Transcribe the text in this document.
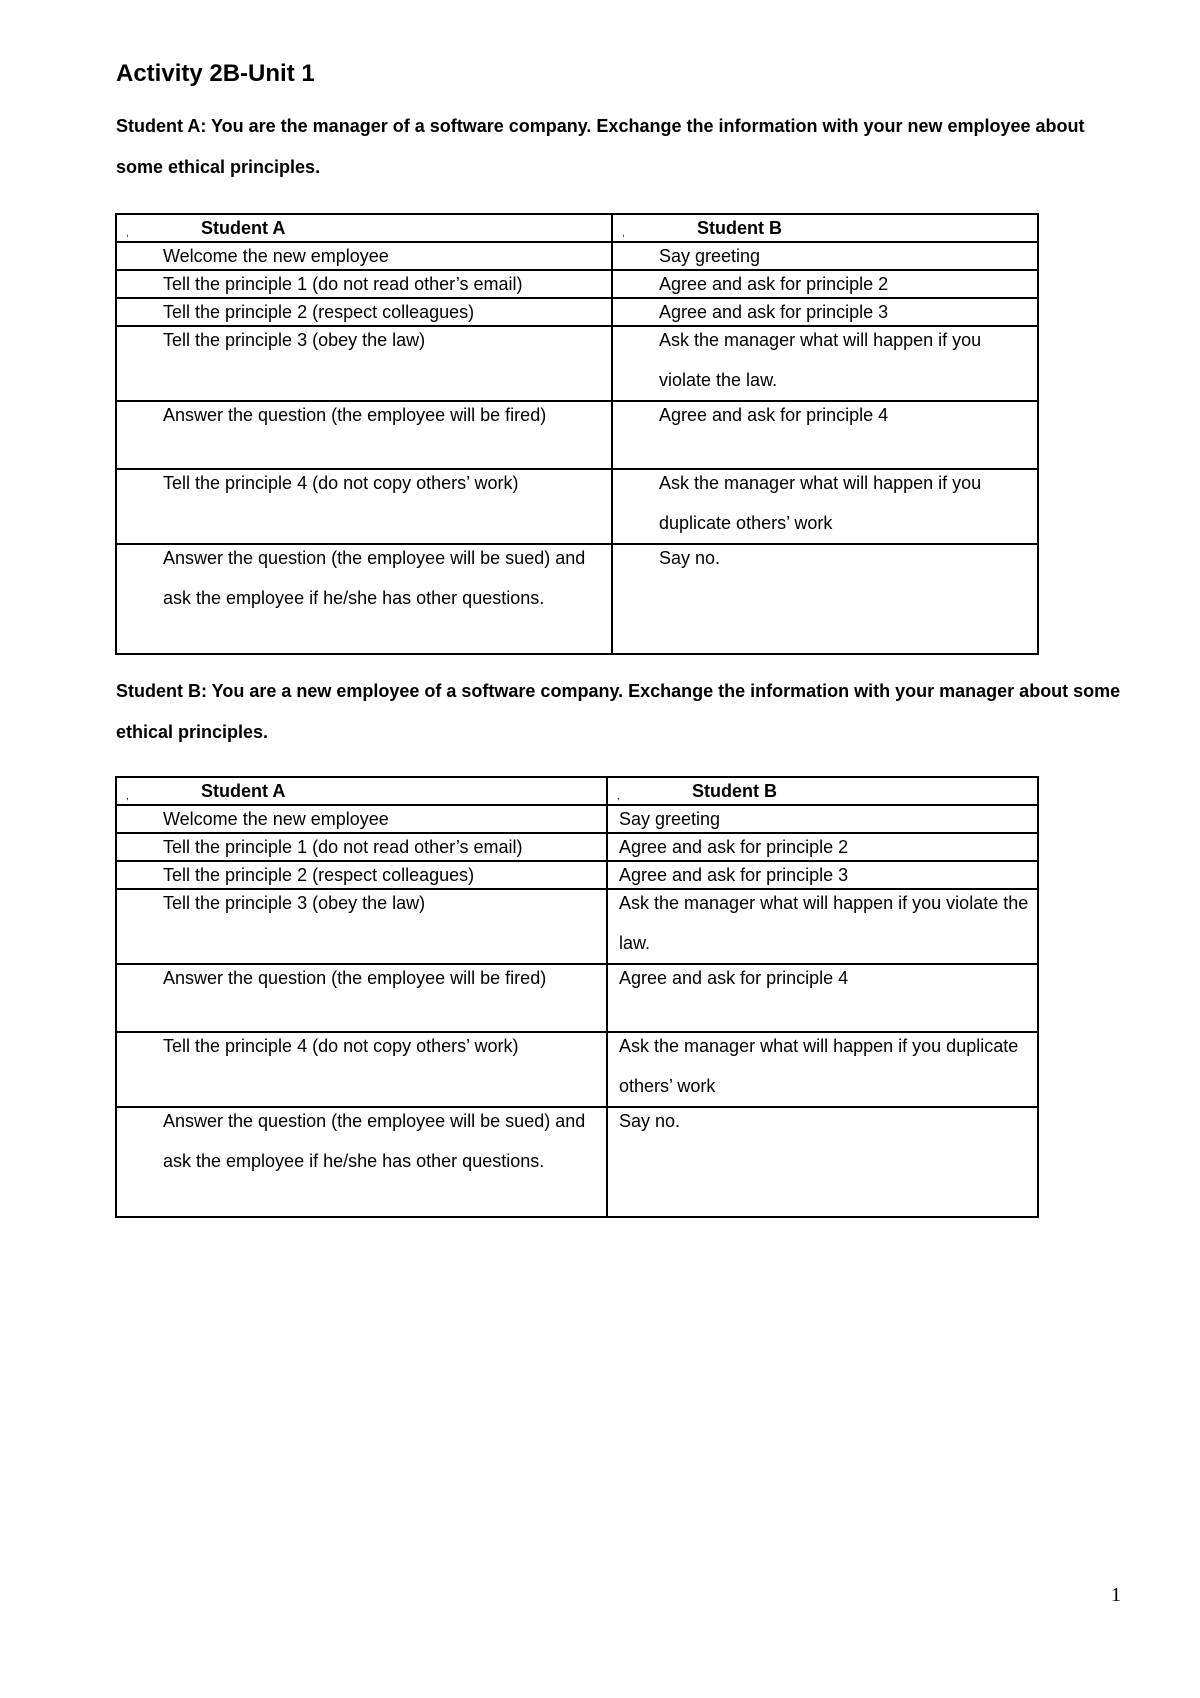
Activity 2B-Unit 1

Student A: You are the manager of a software company. Exchange the information with your new employee about some ethical principles.

, Student A	, Student B

Welcome the new employee	Say greeting

Tell the principle 1 (do not read other’s email)	Agree and ask for principle 2

Tell the principle 2 (respect colleagues)	Agree and ask for principle 3

Tell the principle 3 (obey the law)	Ask the manager what will happen if you violate the law.

Answer the question (the employee will be fired)	Agree and ask for principle 4

Tell the principle 4 (do not copy others’ work)	Ask the manager what will happen if you duplicate others’ work

Answer the question (the employee will be sued) and ask the employee if he/she has other questions.	Say no.

Student B: You are a new employee of a software company. Exchange the information with your manager about some ethical principles.

, Student A	, Student B

Welcome the new employee	Say greeting

Tell the principle 1 (do not read other’s email)	Agree and ask for principle 2

Tell the principle 2 (respect colleagues)	Agree and ask for principle 3

Tell the principle 3 (obey the law)	Ask the manager what will happen if you violate the law.

Answer the question (the employee will be fired)	Agree and ask for principle 4

Tell the principle 4 (do not copy others’ work)	Ask the manager what will happen if you duplicate others’ work

Answer the question (the employee will be sued) and ask the employee if he/she has other questions.	Say no.
1
